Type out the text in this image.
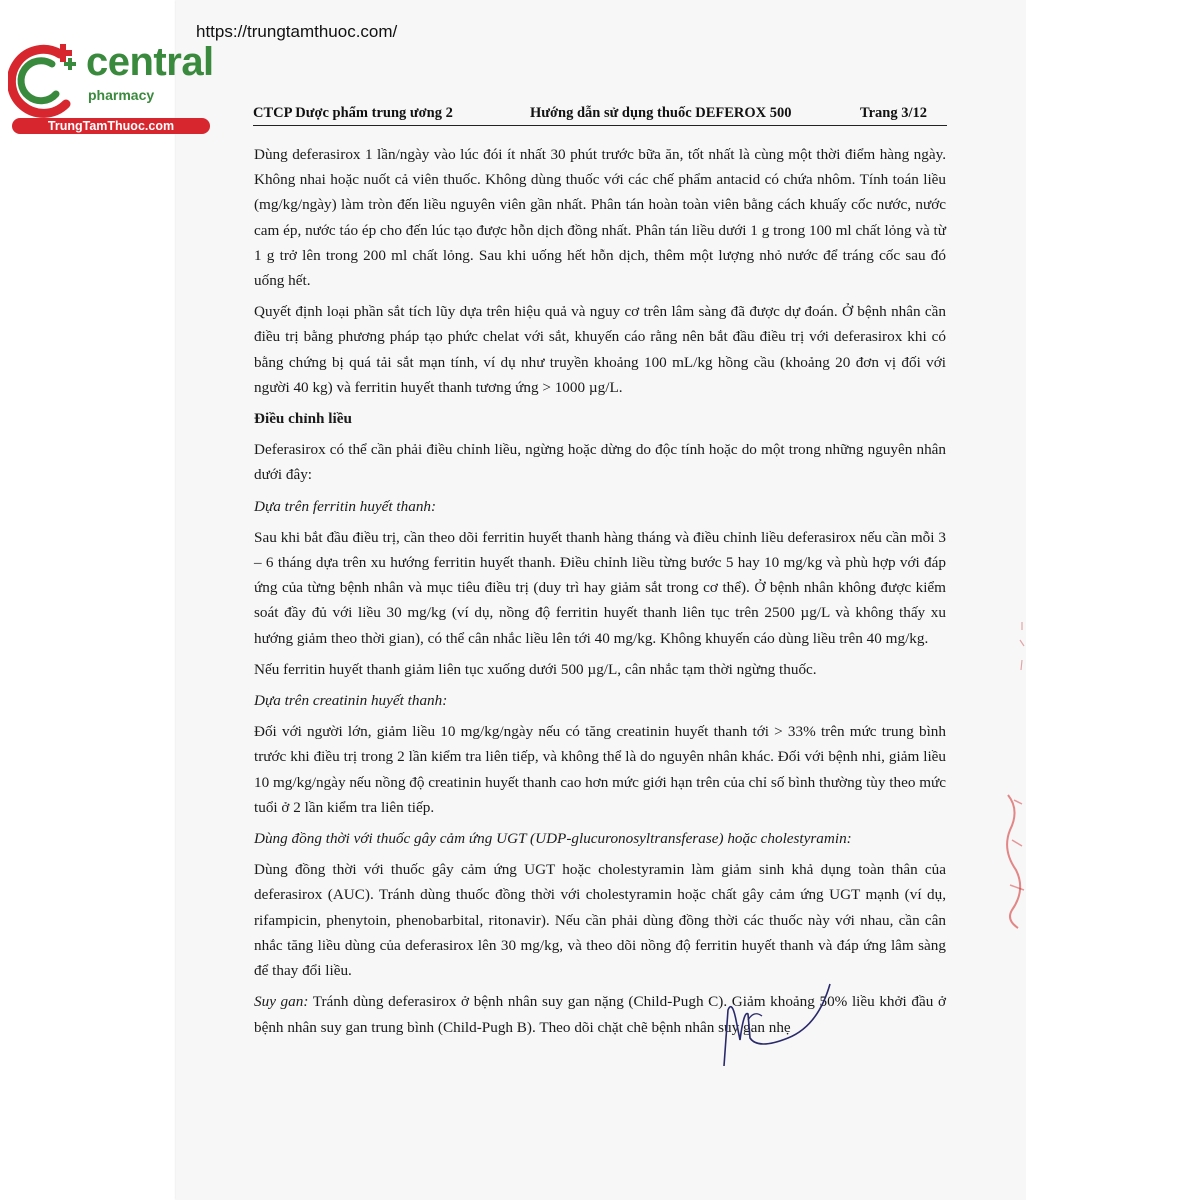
https://trungtamthuoc.com/
central
pharmacy
TrungTamThuoc.com
CTCP Dược phẩm trung ương 2	Hướng dẫn sử dụng thuốc DEFEROX 500	Trang 3/12

Dùng deferasirox 1 lần/ngày vào lúc đói ít nhất 30 phút trước bữa ăn, tốt nhất là cùng một thời điểm hàng ngày. Không nhai hoặc nuốt cả viên thuốc. Không dùng thuốc với các chế phẩm antacid có chứa nhôm. Tính toán liều (mg/kg/ngày) làm tròn đến liều nguyên viên gần nhất. Phân tán hoàn toàn viên bằng cách khuấy cốc nước, nước cam ép, nước táo ép cho đến lúc tạo được hỗn dịch đồng nhất. Phân tán liều dưới 1 g trong 100 ml chất lỏng và từ 1 g trở lên trong 200 ml chất lỏng. Sau khi uống hết hỗn dịch, thêm một lượng nhỏ nước để tráng cốc sau đó uống hết.

Quyết định loại phần sắt tích lũy dựa trên hiệu quả và nguy cơ trên lâm sàng đã được dự đoán. Ở bệnh nhân cần điều trị bằng phương pháp tạo phức chelat với sắt, khuyến cáo rằng nên bắt đầu điều trị với deferasirox khi có bằng chứng bị quá tải sắt mạn tính, ví dụ như truyền khoảng 100 mL/kg hồng cầu (khoảng 20 đơn vị đối với người 40 kg) và ferritin huyết thanh tương ứng > 1000 µg/L.

Điều chỉnh liều

Deferasirox có thể cần phải điều chỉnh liều, ngừng hoặc dừng do độc tính hoặc do một trong những nguyên nhân dưới đây:

Dựa trên ferritin huyết thanh:

Sau khi bắt đầu điều trị, cần theo dõi ferritin huyết thanh hàng tháng và điều chỉnh liều deferasirox nếu cần mỗi 3 – 6 tháng dựa trên xu hướng ferritin huyết thanh. Điều chỉnh liều từng bước 5 hay 10 mg/kg và phù hợp với đáp ứng của từng bệnh nhân và mục tiêu điều trị (duy trì hay giảm sắt trong cơ thể). Ở bệnh nhân không được kiểm soát đầy đủ với liều 30 mg/kg (ví dụ, nồng độ ferritin huyết thanh liên tục trên 2500 µg/L và không thấy xu hướng giảm theo thời gian), có thể cân nhắc liều lên tới 40 mg/kg. Không khuyến cáo dùng liều trên 40 mg/kg.

Nếu ferritin huyết thanh giảm liên tục xuống dưới 500 µg/L, cân nhắc tạm thời ngừng thuốc.

Dựa trên creatinin huyết thanh:

Đối với người lớn, giảm liều 10 mg/kg/ngày nếu có tăng creatinin huyết thanh tới > 33% trên mức trung bình trước khi điều trị trong 2 lần kiểm tra liên tiếp, và không thể là do nguyên nhân khác. Đối với bệnh nhi, giảm liều 10 mg/kg/ngày nếu nồng độ creatinin huyết thanh cao hơn mức giới hạn trên của chỉ số bình thường tùy theo mức tuổi ở 2 lần kiểm tra liên tiếp.

Dùng đồng thời với thuốc gây cảm ứng UGT (UDP-glucuronosyltransferase) hoặc cholestyramin:

Dùng đồng thời với thuốc gây cảm ứng UGT hoặc cholestyramin làm giảm sinh khả dụng toàn thân của deferasirox (AUC). Tránh dùng thuốc đồng thời với cholestyramin hoặc chất gây cảm ứng UGT mạnh (ví dụ, rifampicin, phenytoin, phenobarbital, ritonavir). Nếu cần phải dùng đồng thời các thuốc này với nhau, cần cân nhắc tăng liều dùng của deferasirox lên 30 mg/kg, và theo dõi nồng độ ferritin huyết thanh và đáp ứng lâm sàng để thay đổi liều.

Suy gan: Tránh dùng deferasirox ở bệnh nhân suy gan nặng (Child-Pugh C). Giảm khoảng 50% liều khởi đầu ở bệnh nhân suy gan trung bình (Child-Pugh B). Theo dõi chặt chẽ bệnh nhân suy gan nhẹ
